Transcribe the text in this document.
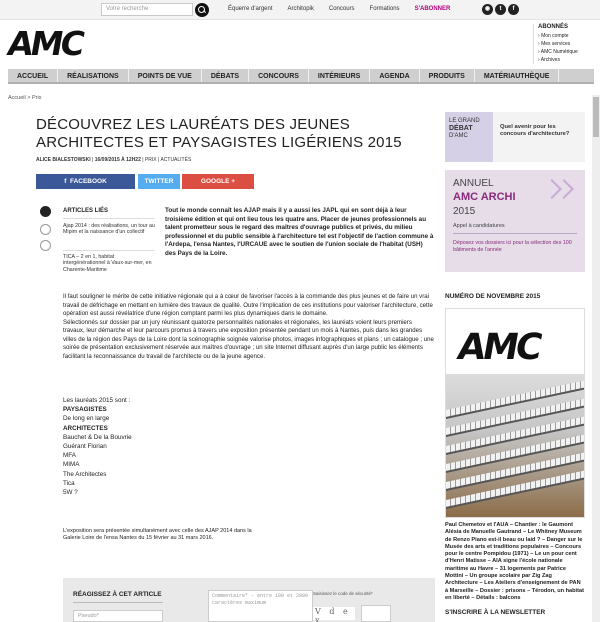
Votre recherche	Équerre d'argent	Architopik	Concours	Formations	S'ABONNER	◉	t	f
AMC	ABONNÉS
› Mon compte
› Mes services
› AMC Numérique
› Archives
ACCUEIL	RÉALISATIONS	POINTS DE VUE	DÉBATS	CONCOURS	INTÉRIEURS	AGENDA	PRODUITS	MATÉRIAUTHÈQUE
Accueil > Prix
DÉCOUVREZ LES LAURÉATS DES JEUNES ARCHITECTES ET PAYSAGISTES LIGÉRIENS 2015
ALICE BIALESTOWSKI | 16/09/2015 À 12H22 | PRIX | ACTUALITÉS
f  FACEBOOK	TWITTER	GOOGLE +
ARTICLES LIÉS
Ajap 2014 : des réalisations, un tour au Mipim et la naissance d'un collectif
TICA – 2 en 1, habitat intergénérationnel à Vaux-sur-mer, en Charente-Maritime
Tout le monde connaît les AJAP mais il y a aussi les JAPL qui en sont déjà à leur troisième édition et qui ont lieu tous les quatre ans. Placer de jeunes professionnels au talent prometteur sous le regard des maîtres d'ouvrage publics et privés, du milieu professionnel et du public sensible à l'architecture tel est l'objectif de l'action commune à l'Ardepa, l'ensa Nantes, l'URCAUE avec le soutien de l'union sociale de l'habitat (USH) des Pays de la Loire.

Il faut souligner le mérite de cette initiative régionale qui a à cœur de favoriser l'accès à la commande des plus jeunes et de faire un vrai travail de défrichage en mettant en lumière des travaux de qualité. Outre l'implication de ces institutions pour valoriser l'architecture, cette opération est aussi révélatrice d'une région comptant parmi les plus dynamiques dans le domaine.

Sélectionnés sur dossier par un jury réunissant quatorze personnalités nationales et régionales, les lauréats voient leurs premiers travaux, leur démarche et leur parcours promus à travers une exposition présentée pendant un mois à Nantes, puis dans les grandes villes de la région des Pays de la Loire dont la scénographie soignée valorise photos, images infographiques et plans ; un catalogue ; une soirée de présentation exclusivement réservée aux maîtres d'ouvrage ; un site Internet diffusant auprès d'un large public les éléments facilitant la reconnaissance du travail de l'architecte ou de la jeune agence.

Les lauréats 2015 sont :
PAYSAGISTES
De long en large
ARCHITECTES
Bauchet & De la Bouvrie
Guérant Florian
MFA
MIMA
The Architectes
Tica
5W ?
L'exposition sera présentée simultanément avec celle des AJAP 2014 dans la Galerie Loire de l'ensa Nantes du 15 février au 31 mars 2016.
RÉAGISSEZ À CET ARTICLE
Pseudo*
Commentaire* - entre 100 et 2000 caractères maximum
Saisissez le code de sécurité*
V d e x
LE GRAND
DÉBAT
D'AMC
Quel avenir pour les concours d'architecture?
ANNUEL
AMC ARCHI
2015
Appel à candidatures
Déposez vos dossiers ici pour la sélection des 100 bâtiments de l'année
NUMÉRO DE NOVEMBRE 2015
AMC
Paul Chemetov et l'AUA – Chantier : le Gaumont Alésia de Manuelle Gautrand – Le Whitney Museum de Renzo Piano est-il beau ou laid ? – Danger sur le Musée des arts et traditions populaires – Concours pour le centre Pompidou (1971) – Le un pour cent d'Henri Matisse – AIA signe l'école nationale maritime au Havre – 31 logements par Patrice Mottini – Un groupe scolaire par Zig Zag Architecture – Les Ateliers d'enseignement de PAN à Marseille – Dossier : prisons – Térodon, un habitat en liberté – Détails : balcons
S'INSCRIRE À LA NEWSLETTER
